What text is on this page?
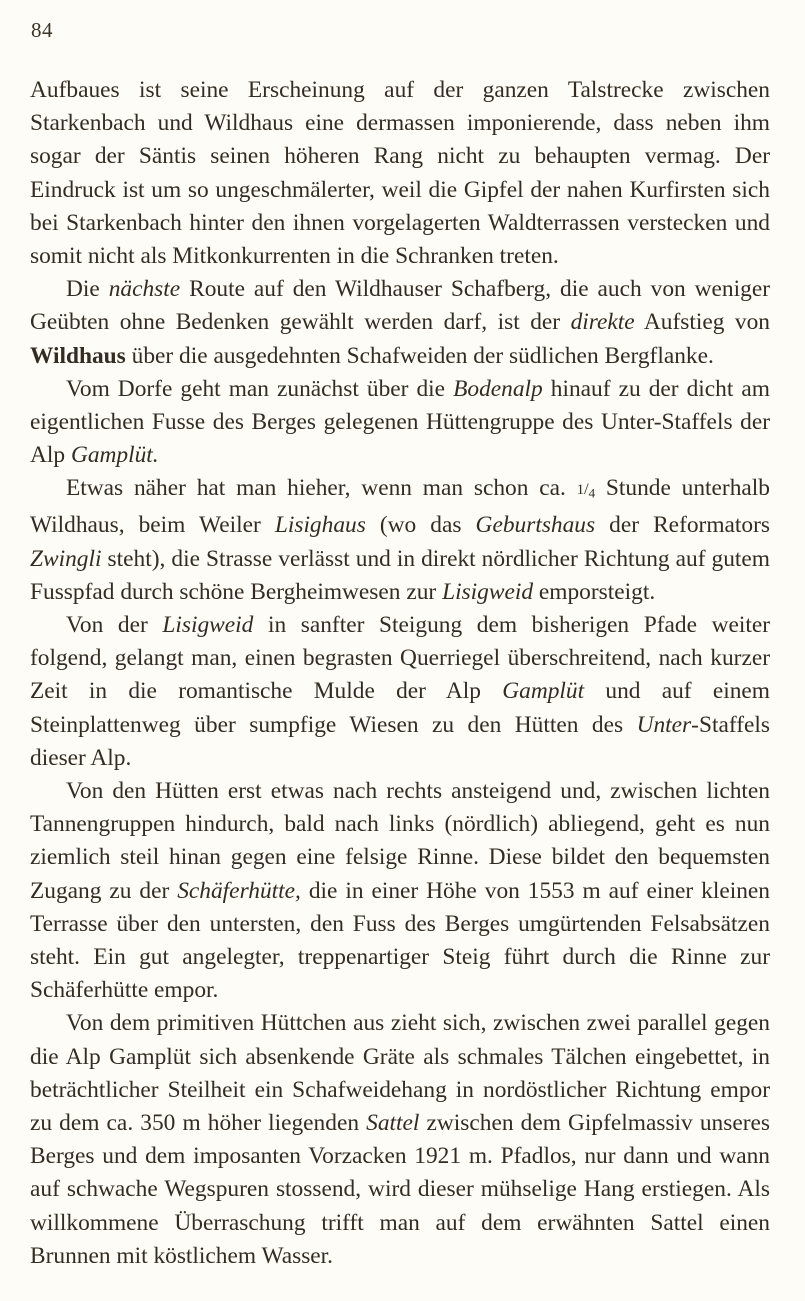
84

Aufbaues ist seine Erscheinung auf der ganzen Talstrecke zwischen Starkenbach und Wildhaus eine dermassen imponierende, dass neben ihm sogar der Säntis seinen höheren Rang nicht zu behaupten vermag. Der Eindruck ist um so ungeschmälerter, weil die Gipfel der nahen Kurfirsten sich bei Starkenbach hinter den ihnen vorgelagerten Waldterrassen verstecken und somit nicht als Mitkonkurrenten in die Schranken treten.

Die nächste Route auf den Wildhauser Schafberg, die auch von weniger Geübten ohne Bedenken gewählt werden darf, ist der direkte Aufstieg von Wildhaus über die ausgedehnten Schafweiden der südlichen Bergflanke.

Vom Dorfe geht man zunächst über die Bodenalp hinauf zu der dicht am eigentlichen Fusse des Berges gelegenen Hüttengruppe des Unter-Staffels der Alp Gamplüt.

Etwas näher hat man hieher, wenn man schon ca. $1/_4$ Stunde unterhalb Wildhaus, beim Weiler Lisighaus (wo das Geburtshaus der Reformators Zwingli steht), die Strasse verlässt und in direkt nördlicher Richtung auf gutem Fusspfad durch schöne Bergheimwesen zur Lisigweid emporsteigt.

Von der Lisigweid in sanfter Steigung dem bisherigen Pfade weiter folgend, gelangt man, einen begrasten Querriegel überschreitend, nach kurzer Zeit in die romantische Mulde der Alp Gamplüt und auf einem Steinplattenweg über sumpfige Wiesen zu den Hütten des Unter-Staffels dieser Alp.

Von den Hütten erst etwas nach rechts ansteigend und, zwischen lichten Tannengruppen hindurch, bald nach links (nördlich) abliegend, geht es nun ziemlich steil hinan gegen eine felsige Rinne. Diese bildet den bequemsten Zugang zu der Schäferhütte, die in einer Höhe von 1553 m auf einer kleinen Terrasse über den untersten, den Fuss des Berges umgürtenden Felsabsätzen steht. Ein gut angelegter, treppenartiger Steig führt durch die Rinne zur Schäferhütte empor.

Von dem primitiven Hüttchen aus zieht sich, zwischen zwei parallel gegen die Alp Gamplüt sich absenkende Gräte als schmales Tälchen eingebettet, in beträchtlicher Steilheit ein Schafweidehang in nordöstlicher Richtung empor zu dem ca. 350 m höher liegenden Sattel zwischen dem Gipfelmassiv unseres Berges und dem imposanten Vorzacken 1921 m. Pfadlos, nur dann und wann auf schwache Wegspuren stossend, wird dieser mühselige Hang erstiegen. Als willkommene Überraschung trifft man auf dem erwähnten Sattel einen Brunnen mit köstlichem Wasser.
